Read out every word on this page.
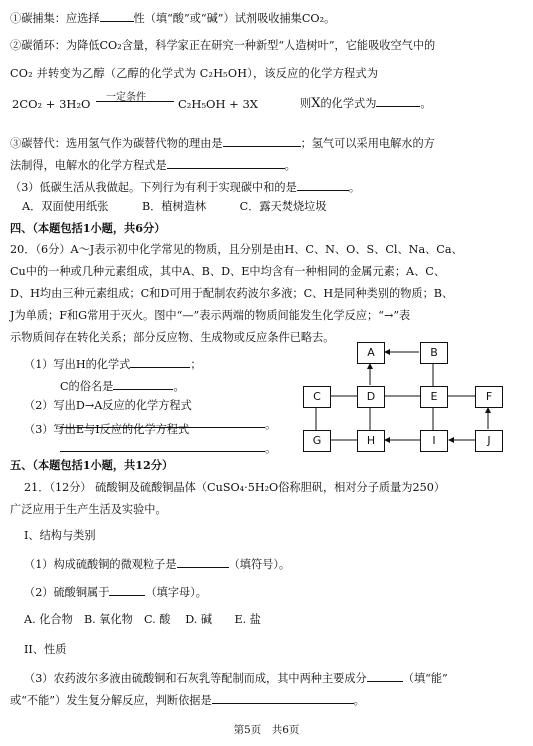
①碳捕集：应选择	性（填“酸”或“碱”）试剂吸收捕集CO₂。
②碳循环：为降低CO₂含量，科学家正在研究一种新型“人造树叶”，它能吸收空气中的
CO₂ 并转变为乙醇（乙醇的化学式为 C₂H₅OH），该反应的化学方程式为
2CO₂ + 3H₂O 一定条件	C₂H₅OH + 3X	则X的化学式为	。
③碳替代：选用氢气作为碳替代物的理由是	；氢气可以采用电解水的方
法制得，电解水的化学方程式是	。
（3）低碳生活从我做起。下列行为有利于实现碳中和的是	。
A．双面使用纸张　　　B．植树造林　　　C．露天焚烧垃圾
四、（本题包括1小题，共6分）
20．（6分）A～J表示初中化学常见的物质，且分别是由H、C、N、O、S、Cl、Na、Ca、
Cu中的一种或几种元素组成，其中A、B、D、E中均含有一种相同的金属元素；A、C、
D、H均由三种元素组成；C和D可用于配制农药波尔多液；C、H是同种类别的物质；B、
J为单质；F和G常用于灭火。图中“—”表示两端的物质间能发生化学反应；“→”表
示物质间存在转化关系；部分反应物、生成物或反应条件已略去。
（1）写出H的化学式	；
C的俗名是	。
（2）写出D→A反应的化学方程式
。
（3）写出E与I反应的化学方程式
。
A	B
C	D	E	F
G	H	I	J
五、（本题包括1小题，共12分）
21．（12分） 硫酸铜及硫酸铜晶体（CuSO₄·5H₂O俗称胆矾，相对分子质量为250）
广泛应用于生产生活及实验中。
I、结构与类别
（1）构成硫酸铜的微观粒子是	（填符号）。
（2）硫酸铜属于	（填字母）。
A. 化合物　B. 氧化物　C. 酸　 D. 碱　　E. 盐
II、性质
（3）农药波尔多液由硫酸铜和石灰乳等配制而成，其中两种主要成分	（填“能”
或“不能”）发生复分解反应，判断依据是	。
第5页　共6页
